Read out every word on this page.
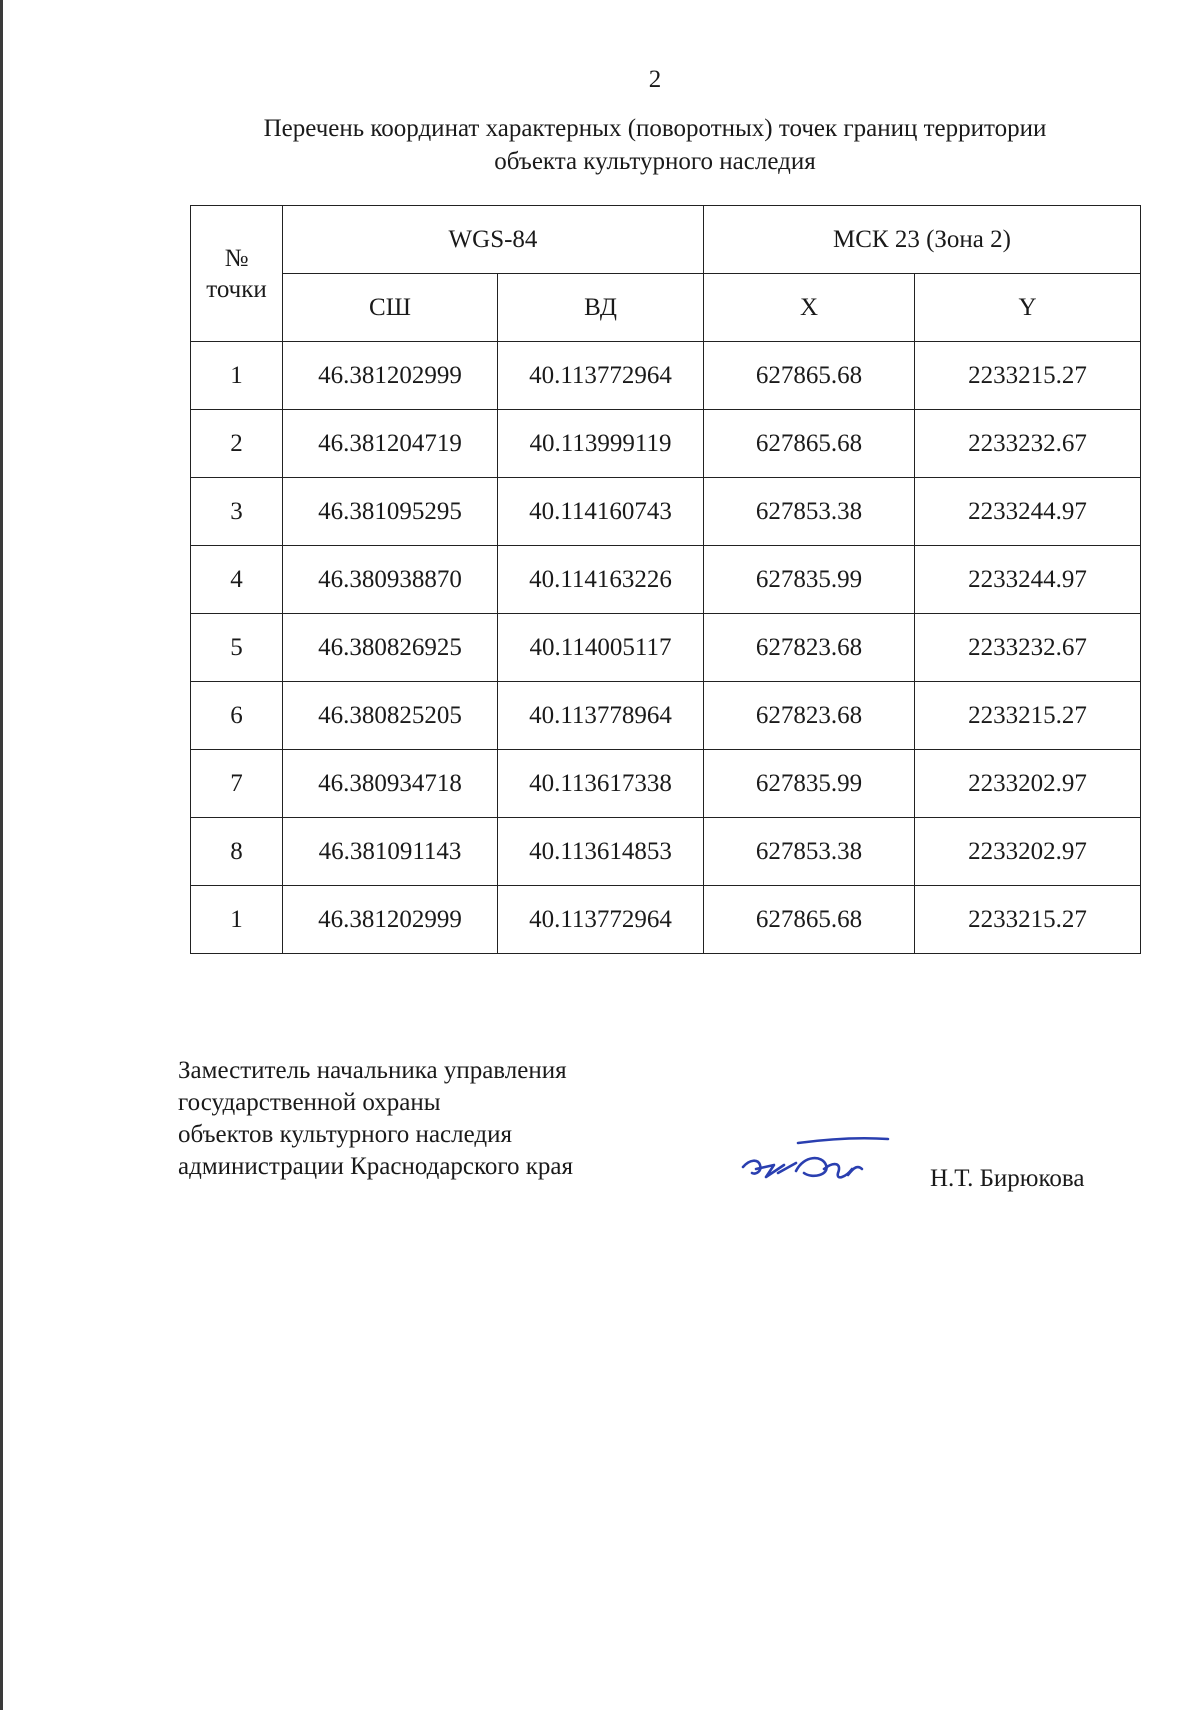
2
Перечень координат характерных (поворотных) точек границ территории
объекта культурного наследия
№
точки	WGS-84		МСК 23 (Зона 2)	
	СШ	ВД	X	Y
1	46.381202999	40.113772964	627865.68	2233215.27
2	46.381204719	40.113999119	627865.68	2233232.67
3	46.381095295	40.114160743	627853.38	2233244.97
4	46.380938870	40.114163226	627835.99	2233244.97
5	46.380826925	40.114005117	627823.68	2233232.67
6	46.380825205	40.113778964	627823.68	2233215.27
7	46.380934718	40.113617338	627835.99	2233202.97
8	46.381091143	40.113614853	627853.38	2233202.97
1	46.381202999	40.113772964	627865.68	2233215.27
Заместитель начальника управления
государственной охраны
объектов культурного наследия
администрации Краснодарского края	Н.Т. Бирюкова
